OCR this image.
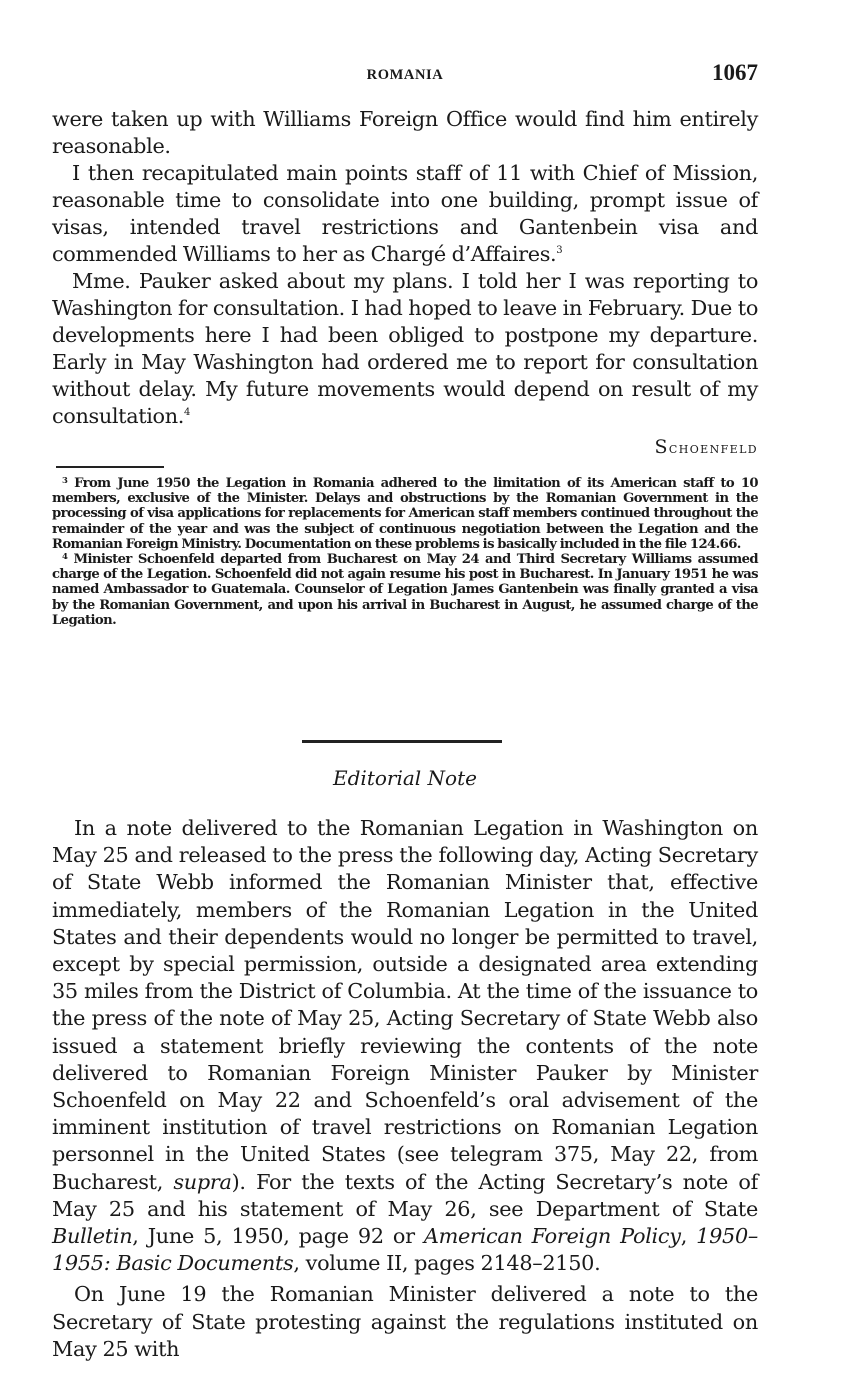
ROMANIA	1067

were taken up with Williams Foreign Office would find him entirely reasonable.

I then recapitulated main points staff of 11 with Chief of Mission, reasonable time to consolidate into one building, prompt issue of visas, intended travel restrictions and Gantenbein visa and commended Williams to her as Chargé d’Affaires.$^3$

Mme. Pauker asked about my plans. I told her I was reporting to Washington for consultation. I had hoped to leave in February. Due to developments here I had been obliged to postpone my departure. Early in May Washington had ordered me to report for consultation without delay. My future movements would depend on result of my consultation.$^4$

Schoenfeld

$^3$ From June 1950 the Legation in Romania adhered to the limitation of its American staff to 10 members, exclusive of the Minister. Delays and obstructions by the Romanian Government in the processing of visa applications for replacements for American staff members continued throughout the remainder of the year and was the subject of continuous negotiation between the Legation and the Romanian Foreign Ministry. Documentation on these problems is basically included in the file 124.66.

$^4$ Minister Schoenfeld departed from Bucharest on May 24 and Third Secretary Williams assumed charge of the Legation. Schoenfeld did not again resume his post in Bucharest. In January 1951 he was named Ambassador to Guatemala. Counselor of Legation James Gantenbein was finally granted a visa by the Romanian Government, and upon his arrival in Bucharest in August, he assumed charge of the Legation.

Editorial Note

In a note delivered to the Romanian Legation in Washington on May 25 and released to the press the following day, Acting Secretary of State Webb informed the Romanian Minister that, effective immediately, members of the Romanian Legation in the United States and their dependents would no longer be permitted to travel, except by special permission, outside a designated area extending 35 miles from the District of Columbia. At the time of the issuance to the press of the note of May 25, Acting Secretary of State Webb also issued a statement briefly reviewing the contents of the note delivered to Romanian Foreign Minister Pauker by Minister Schoenfeld on May 22 and Schoenfeld’s oral advisement of the imminent institution of travel restrictions on Romanian Legation personnel in the United States (see telegram 375, May 22, from Bucharest, supra). For the texts of the Acting Secretary’s note of May 25 and his statement of May 26, see Department of State Bulletin, June 5, 1950, page 92 or American Foreign Policy, 1950–1955: Basic Documents, volume II, pages 2148–2150.

On June 19 the Romanian Minister delivered a note to the Secretary of State protesting against the regulations instituted on May 25 with
